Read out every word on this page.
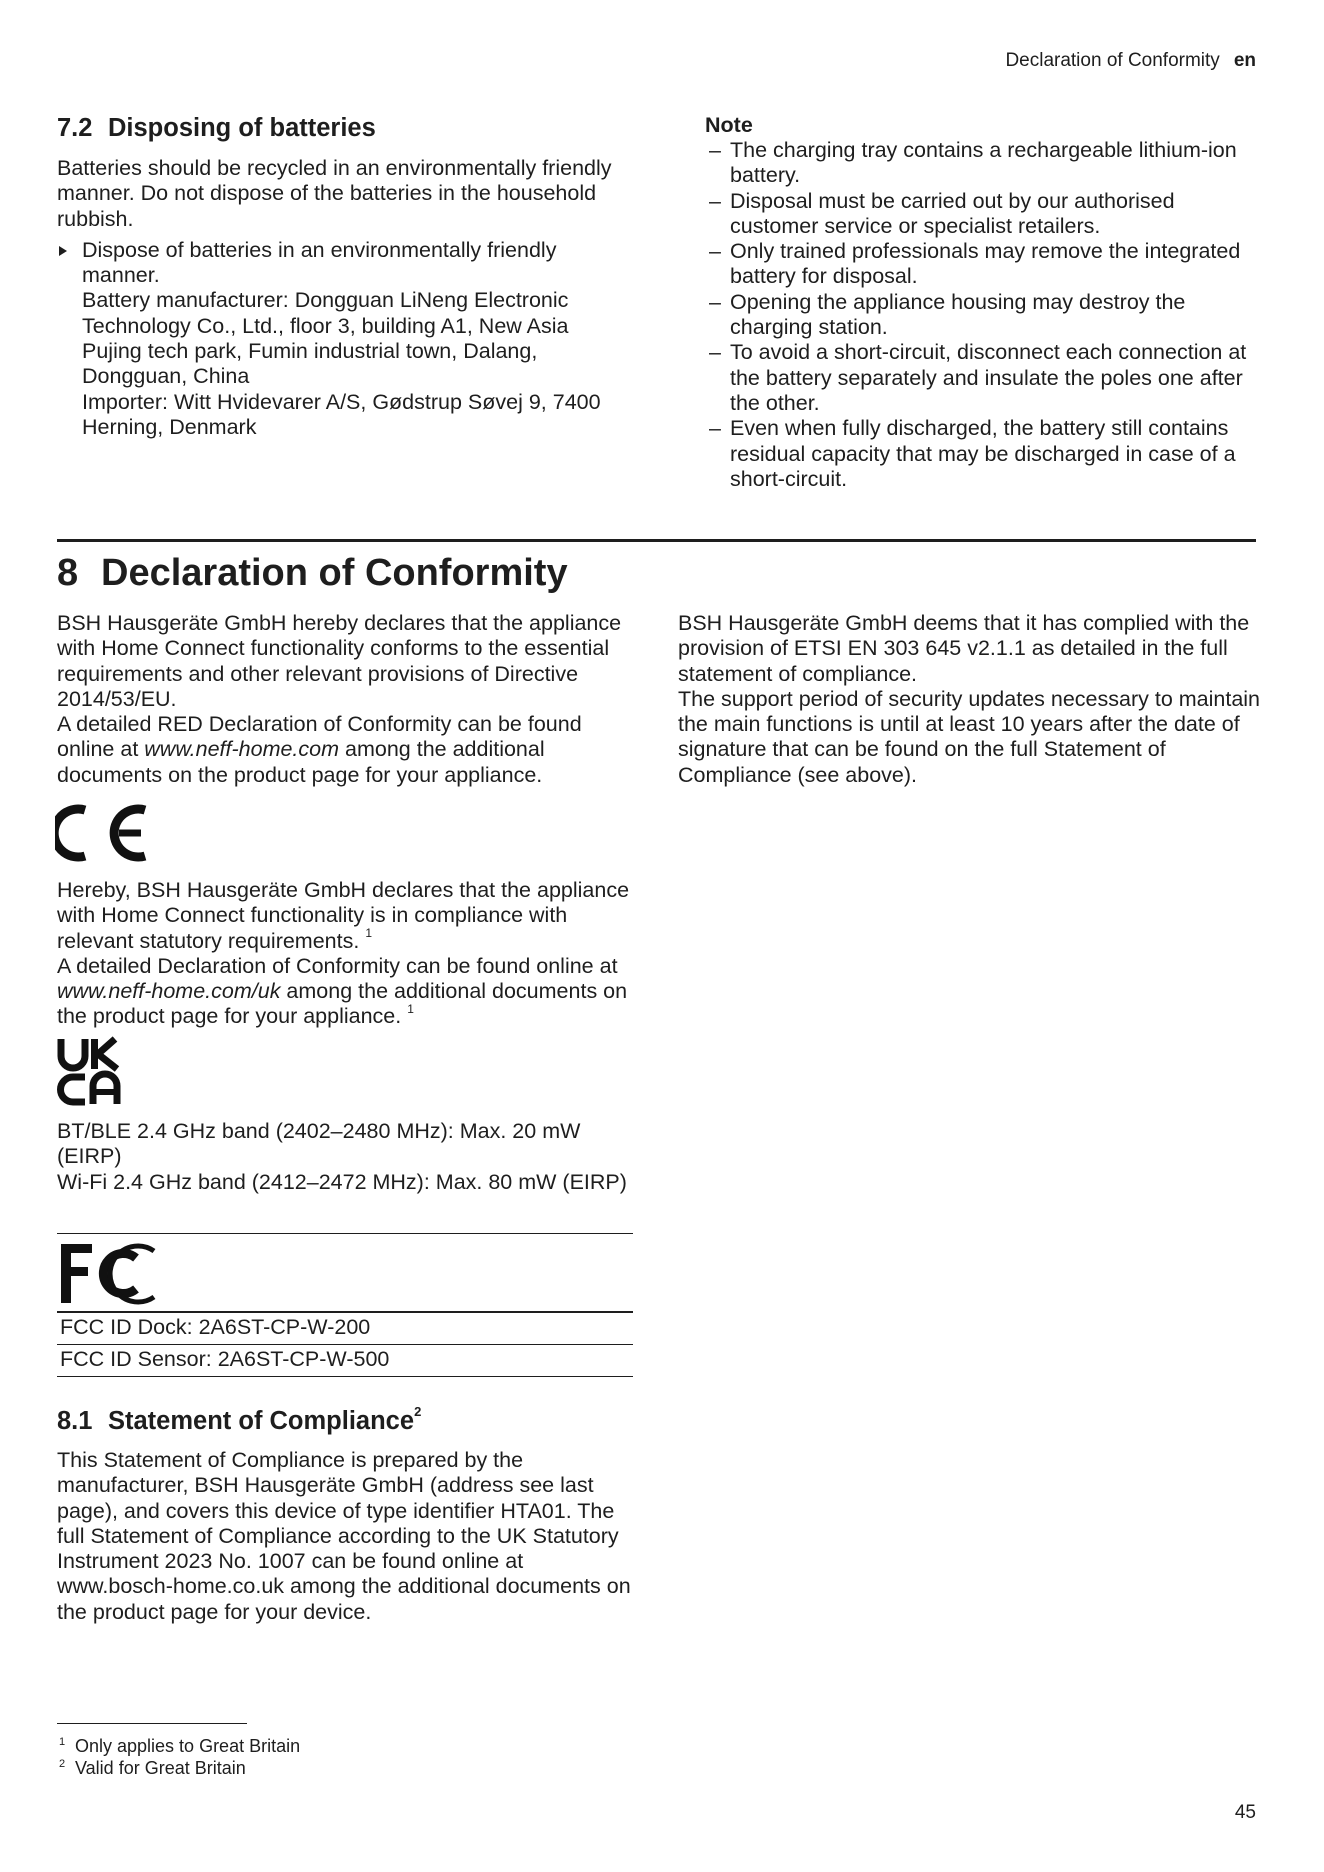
Declaration of Conformity en
7.2 Disposing of batteries

Batteries should be recycled in an environmentally friendly manner. Do not dispose of the batteries in the household rubbish.

Dispose of batteries in an environmentally friendly manner.

Battery manufacturer: Dongguan LiNeng Electronic Technology Co., Ltd., floor 3, building A1, New Asia Pujing tech park, Fumin industrial town, Dalang, Dongguan, China

Importer: Witt Hvidevarer A/S, Gødstrup Søvej 9, 7400 Herning, Denmark

Note
– The charging tray contains a rechargeable lithium-ion battery.
– Disposal must be carried out by our authorised customer service or specialist retailers.
– Only trained professionals may remove the integrated battery for disposal.
– Opening the appliance housing may destroy the charging station.
– To avoid a short-circuit, disconnect each connection at the battery separately and insulate the poles one after the other.
– Even when fully discharged, the battery still contains residual capacity that may be discharged in case of a short-circuit.
8 Declaration of Conformity

BSH Hausgeräte GmbH hereby declares that the appliance with Home Connect functionality conforms to the essential requirements and other relevant provisions of Directive 2014/53/EU.

A detailed RED Declaration of Conformity can be found online at www.neff-home.com among the additional documents on the product page for your appliance.

Hereby, BSH Hausgeräte GmbH declares that the appliance with Home Connect functionality is in compliance with relevant statutory requirements. $^1$

A detailed Declaration of Conformity can be found online at www.neff-home.com/uk among the additional documents on the product page for your appliance. $^1$

BT/BLE 2.4 GHz band (2402–2480 MHz): Max. 20 mW (EIRP)

Wi-Fi 2.4 GHz band (2412–2472 MHz): Max. 80 mW (EIRP)

FCC ID Dock: 2A6ST-CP-W-200
FCC ID Sensor: 2A6ST-CP-W-500

BSH Hausgeräte GmbH deems that it has complied with the provision of ETSI EN 303 645 v2.1.1 as detailed in the full statement of compliance.

The support period of security updates necessary to maintain the main functions is until at least 10 years after the date of signature that can be found on the full Statement of Compliance (see above).

8.1 Statement of Compliance$^2$

This Statement of Compliance is prepared by the manufacturer, BSH Hausgeräte GmbH (address see last page), and covers this device of type identifier HTA01. The full Statement of Compliance according to the UK Statutory Instrument 2023 No. 1007 can be found online at www.bosch-home.co.uk among the additional documents on the product page for your device.

1 Only applies to Great Britain
2 Valid for Great Britain
45
